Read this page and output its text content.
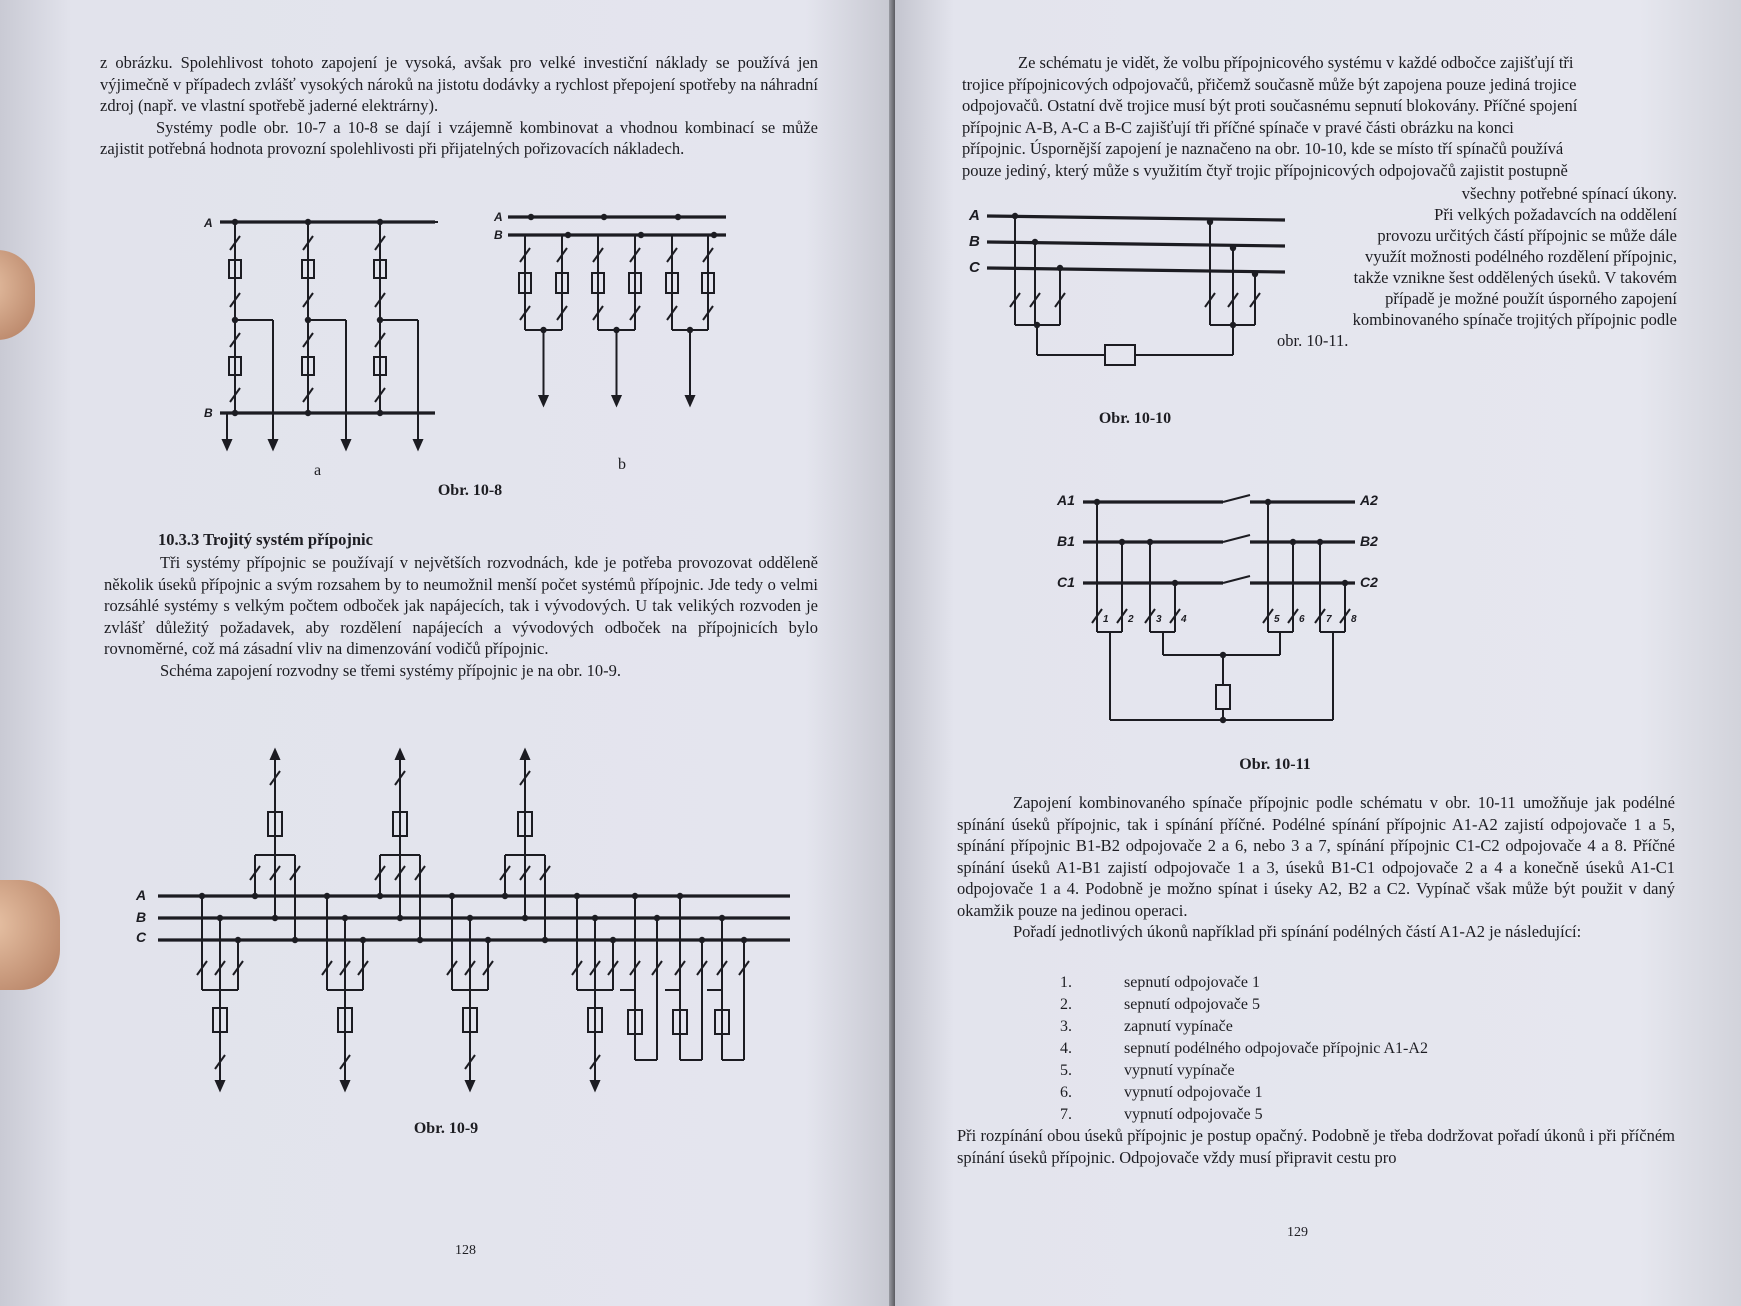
z obrázku. Spolehlivost tohoto zapojení je vysoká, avšak pro velké investiční náklady se používá jen výjimečně v případech zvlášť vysokých nároků na jistotu dodávky a rychlost přepojení spotřeby na náhradní zdroj (např. ve vlastní spotřebě jaderné elektrárny).

Systémy podle obr. 10-7 a 10-8 se dají i vzájemně kombinovat a vhodnou kombinací se může zajistit potřebná hodnota provozní spolehlivosti při přijatelných pořizovacích nákladech.

A
B
A
B
a	b
Obr. 10-8
10.3.3 Trojitý systém přípojnic

Tři systémy přípojnic se používají v největších rozvodnách, kde je potřeba provozovat odděleně několik úseků přípojnic a svým rozsahem by to neumožnil menší počet systémů přípojnic. Jde tedy o velmi rozsáhlé systémy s velkým počtem odboček jak napájecích, tak i vývodových. U tak velikých rozvoden je zvlášť důležitý požadavek, aby rozdělení napájecích a vývodových odboček na přípojnicích bylo rovnoměrné, což má zásadní vliv na dimenzování vodičů přípojnic.

Schéma zapojení rozvodny se třemi systémy přípojnic je na obr. 10-9.

A
B
C
Obr. 10-9
128

Ze schématu je vidět, že volbu přípojnicového systému v každé odbočce zajišťují tři

trojice přípojnicových odpojovačů, přičemž současně může být zapojena pouze jediná trojice

odpojovačů. Ostatní dvě trojice musí být proti současnému sepnutí blokovány. Příčné spojení

přípojnic A-B, A-C a B-C zajišťují tři příčné spínače v pravé části obrázku na konci

přípojnic. Úspornější zapojení je naznačeno na obr. 10-10, kde se místo tří spínačů používá

pouze jediný, který může s využitím čtyř trojic přípojnicových odpojovačů zajistit postupně

A
B
C

všechny potřebné spínací úkony.

Při velkých požadavcích na oddělení

provozu určitých částí přípojnic se může dále

využít možnosti podélného rozdělení přípojnic,

takže vznikne šest oddělených úseků. V takovém

případě je možné použít úsporného zapojení

kombinovaného spínače trojitých přípojnic podle

obr. 10-11.

Obr. 10-10
A1
B1
C1
A2
B2
C2
1 2 3 4	5 6 7 8
Obr. 10-11

Zapojení kombinovaného spínače přípojnic podle schématu v obr. 10-11 umožňuje jak podélné spínání úseků přípojnic, tak i spínání příčné. Podélné spínání přípojnic A1-A2 zajistí odpojovače 1 a 5, spínání přípojnic B1-B2 odpojovače 2 a 6, nebo 3 a 7, spínání přípojnic C1-C2 odpojovače 4 a 8. Příčné spínání úseků A1-B1 zajistí odpojovače 1 a 3, úseků B1-C1 odpojovače 2 a 4 a konečně úseků A1-C1 odpojovače 1 a 4. Podobně je možno spínat i úseky A2, B2 a C2. Vypínač však může být použit v daný okamžik pouze na jedinou operaci.

Pořadí jednotlivých úkonů například při spínání podélných částí A1-A2 je následující:

1.	sepnutí odpojovače 1
2.	sepnutí odpojovače 5
3.	zapnutí vypínače
4.	sepnutí podélného odpojovače přípojnic A1-A2
5.	vypnutí vypínače
6.	vypnutí odpojovače 1
7.	vypnutí odpojovače 5

Při rozpínání obou úseků přípojnic je postup opačný. Podobně je třeba dodržovat pořadí úkonů i při příčném spínání úseků přípojnic. Odpojovače vždy musí připravit cestu pro

129
